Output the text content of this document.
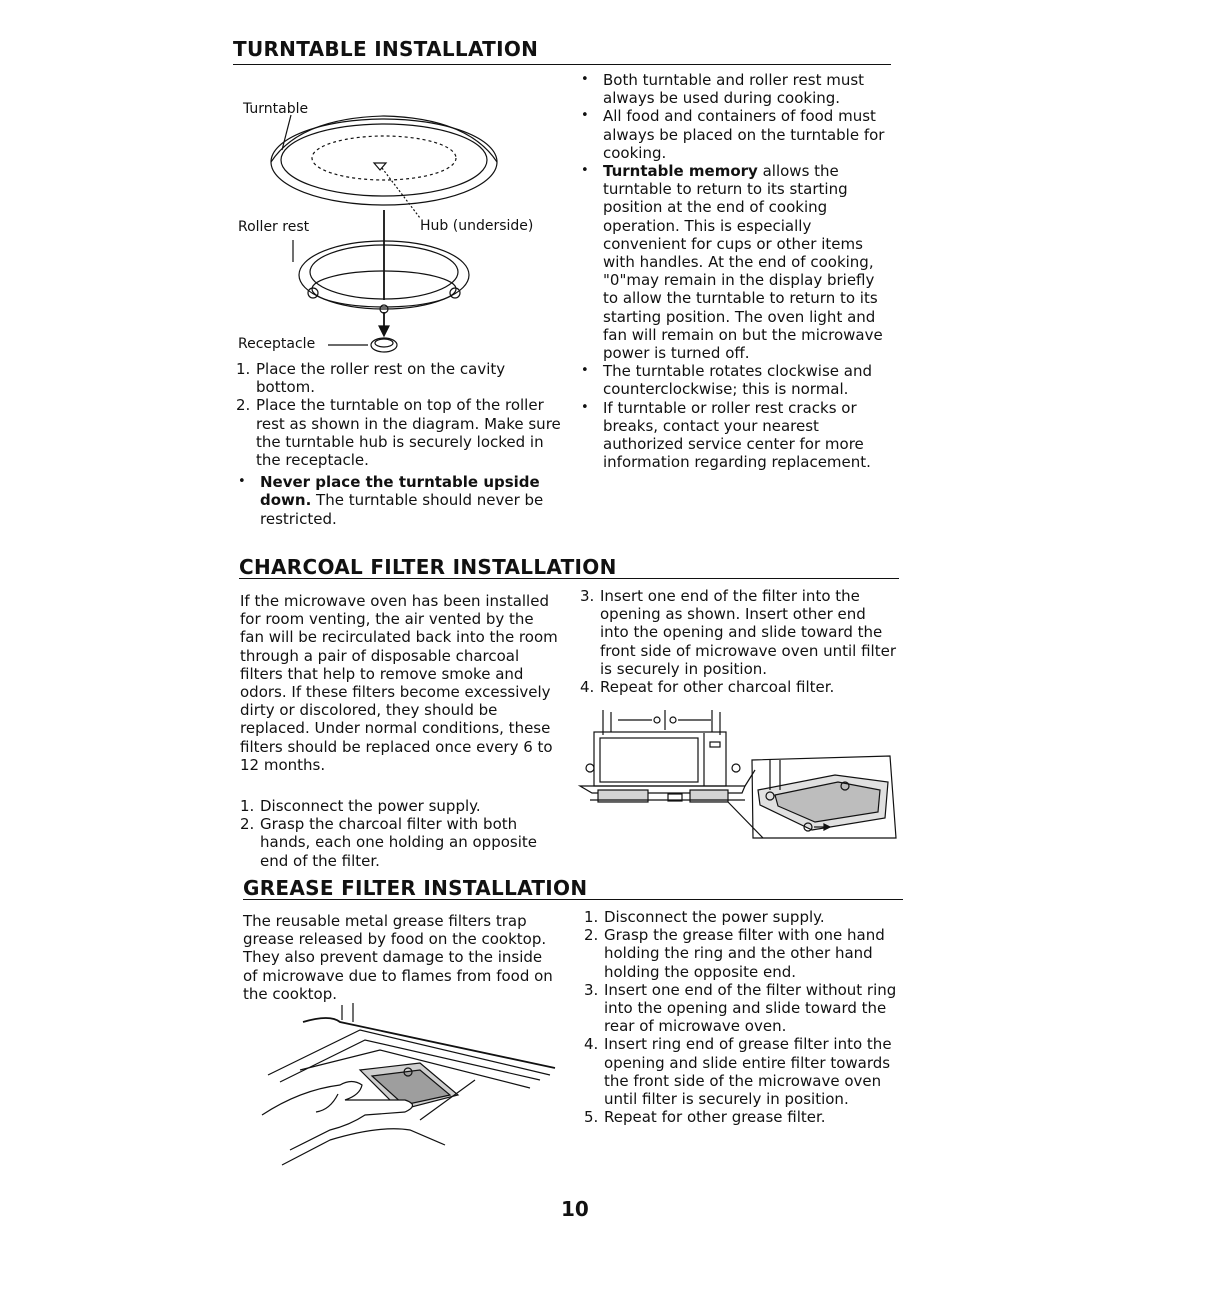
TURNTABLE INSTALLATION
Turntable
Roller rest	Hub (underside)
Receptacle
1. Place the roller rest on the cavity bottom.
2. Place the turntable on top of the roller rest as shown in the diagram. Make sure the turntable hub is securely locked in the receptacle.
• Never place the turntable upside down. The turntable should never be restricted.
• Both turntable and roller rest must always be used during cooking.
• All food and containers of food must always be placed on the turntable for cooking.
• Turntable memory allows the turntable to return to its starting position at the end of cooking operation. This is especially convenient for cups or other items with handles. At the end of cooking, "0"may remain in the display briefly to allow the turntable to return to its starting position. The oven light and fan will remain on but the microwave power is turned off.
• The turntable rotates clockwise and counterclockwise; this is normal.
• If turntable or roller rest cracks or breaks, contact your nearest authorized service center for more information regarding replacement.
CHARCOAL FILTER INSTALLATION
If the microwave oven has been installed for room venting, the air vented by the fan will be recirculated back into the room through a pair of disposable charcoal filters that help to remove smoke and odors. If these filters become excessively dirty or discolored, they should be replaced. Under normal conditions, these filters should be replaced once every 6 to 12 months.
1. Disconnect the power supply.
2. Grasp the charcoal filter with both hands, each one holding an opposite end of the filter.
3. Insert one end of the filter into the opening as shown. Insert other end into the opening and slide toward the front side of microwave oven until filter is securely in position.
4. Repeat for other charcoal filter.
GREASE FILTER INSTALLATION
The reusable metal grease filters trap grease released by food on the cooktop. They also prevent damage to the inside of microwave due to flames from food on the cooktop.
1. Disconnect the power supply.
2. Grasp the grease filter with one hand holding the ring and the other hand holding the opposite end.
3. Insert one end of the filter without ring into the opening and slide toward the rear of microwave oven.
4. Insert ring end of grease filter into the opening and slide entire filter towards the front side of the microwave oven until filter is securely in position.
5. Repeat for other grease filter.
10
